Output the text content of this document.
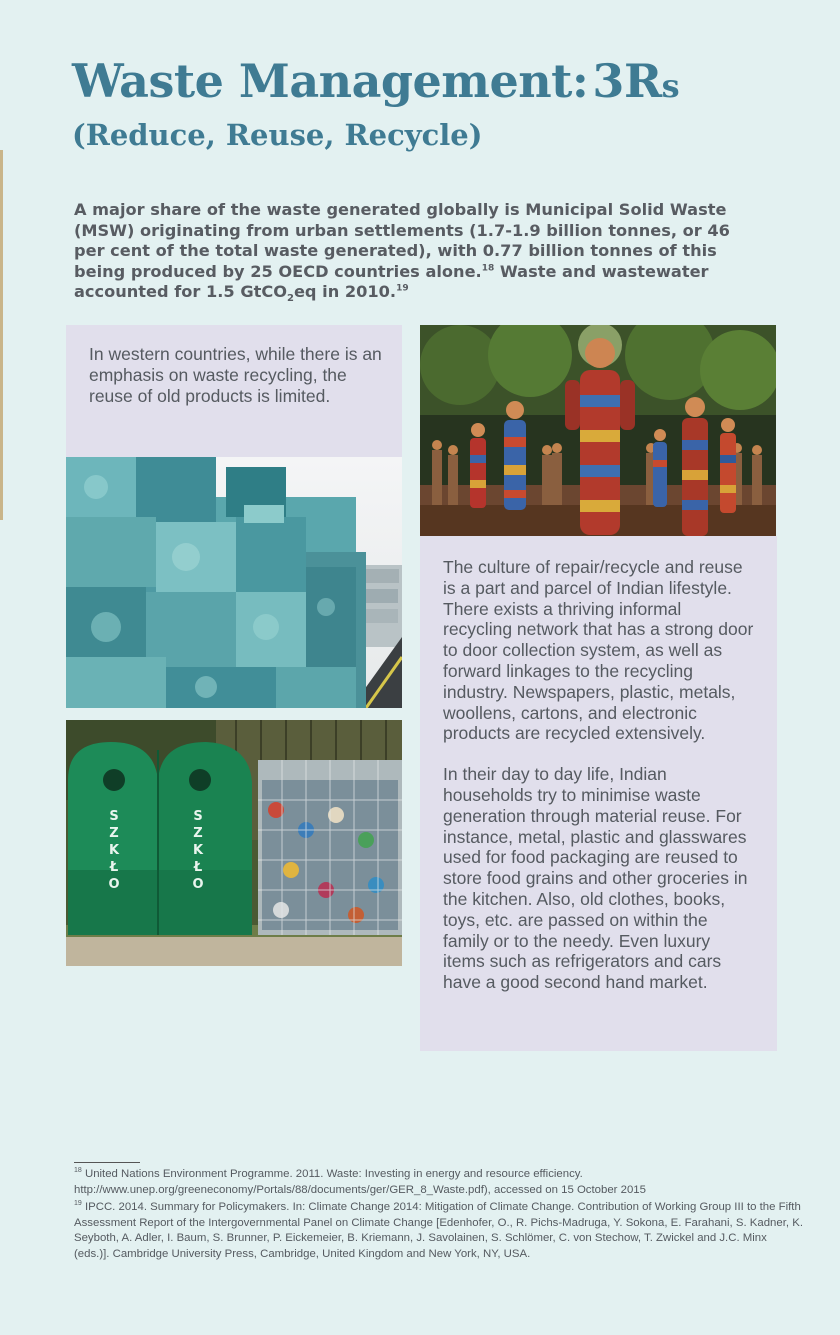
Waste Management:3Rs
(Reduce, Reuse, Recycle)

A major share of the waste generated globally is Municipal Solid Waste (MSW) originating from urban settlements (1.7-1.9 billion tonnes, or 46 per cent of the total waste generated), with 0.77 billion tonnes of this being produced by 25 OECD countries alone.$^{18}$ Waste and wastewater accounted for 1.5 GtCO$_2$eq in 2010.19

In western countries, while there is an emphasis on waste recycling, the reuse of old products is limited.

SZKŁO
SZKŁO

The culture of repair/recycle and reuse is a part and parcel of Indian lifestyle. There exists a thriving informal recycling network that has a strong door to door collection system, as well as forward linkages to the recycling industry. Newspapers, plastic, metals, woollens, cartons, and electronic products are recycled extensively.

In their day to day life, Indian households try to minimise waste generation through material reuse. For instance, metal, plastic and glasswares used for food packaging are reused to store food grains and other groceries in the kitchen. Also, old clothes, books, toys, etc. are passed on within the family or to the needy. Even luxury items such as refrigerators and cars have a good second hand market.

$^{18}$ United Nations Environment Programme. 2011. Waste: Investing in energy and resource efficiency. http://www.unep.org/greeneconomy/Portals/88/documents/ger/GER_8_Waste.pdf), accessed on 15 October 2015

$^{19}$ IPCC. 2014. Summary for Policymakers. In: Climate Change 2014: Mitigation of Climate Change. Contribution of Working Group III to the Fifth Assessment Report of the Intergovernmental Panel on Climate Change [Edenhofer, O., R. Pichs-Madruga, Y. Sokona, E. Farahani, S. Kadner, K. Seyboth, A. Adler, I. Baum, S. Brunner, P. Eickemeier, B. Kriemann, J. Savolainen, S. Schlömer, C. von Stechow, T. Zwickel and J.C. Minx (eds.)]. Cambridge University Press, Cambridge, United Kingdom and New York, NY, USA.
